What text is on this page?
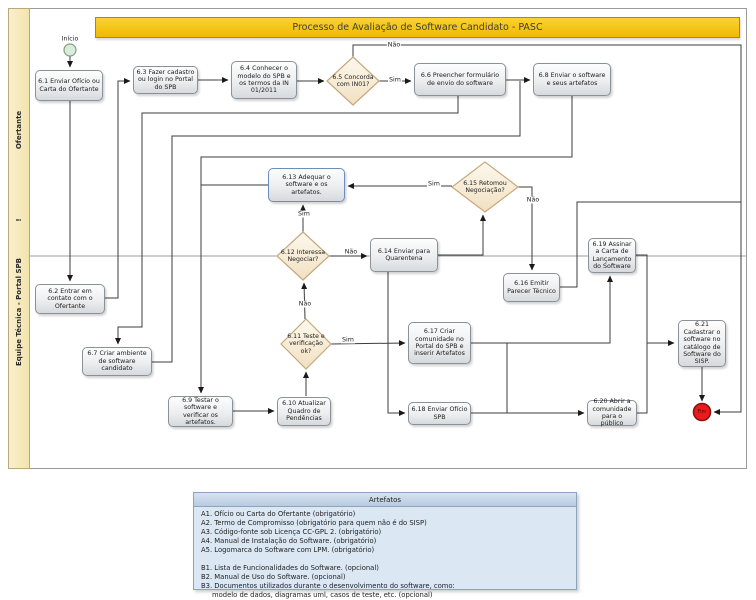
Ofertante
!
Equipe Técnica - Portal SPB
Processo de Avaliação de Software Candidato - PASC
Início
Fim
6.1 Enviar Ofício ou Carta do Ofertante
6.3 Fazer cadastro ou login no Portal do SPB
6.4 Conhecer o modelo do SPB e os termos da IN 01/2011
6.6 Preencher formulário de envio do software
6.8 Enviar o software e seus artefatos
6.13 Adequar o software e os artefatos.
6.14 Enviar para Quarentena
6.16 Emitir Parecer Técnico
6.19 Assinar a Carta de Lançamento do Software
6.2 Entrar em contato com o Ofertante
6.7 Criar ambiente de software candidato
6.17 Criar comunidade no Portal do SPB e inserir Artefatos
6.21 Cadastrar o software no catálogo de Software do SISP.
6.9 Testar o software e verificar os artefatos.
6.10 Atualizar Quadro de Pendências
6.18 Enviar Ofício SPB
6.20 Abrir a comunidade para o público
6.5 Concorda com IN01?
6.15 Retomou Negociação?
6.12 Interessa Negociar?
6.11 Teste e verificação ok?
Não
Sim
Sim
Não
Sim
Não
Não
Sim
Artefatos
A1. Ofício ou Carta do Ofertante (obrigatório)
A2. Termo de Compromisso (obrigatório para quem não é do SISP)
A3. Código-fonte sob Licença CC-GPL 2. (obrigatório)
A4. Manual de Instalação do Software. (obrigatório)
A5. Logomarca do Software com LPM. (obrigatório)
B1. Lista de Funcionalidades do Software. (opcional)
B2. Manual de Uso do Software. (opcional)
B3. Documentos utilizados durante o desenvolvimento do software, como:
modelo de dados, diagramas uml, casos de teste, etc. (opcional)
